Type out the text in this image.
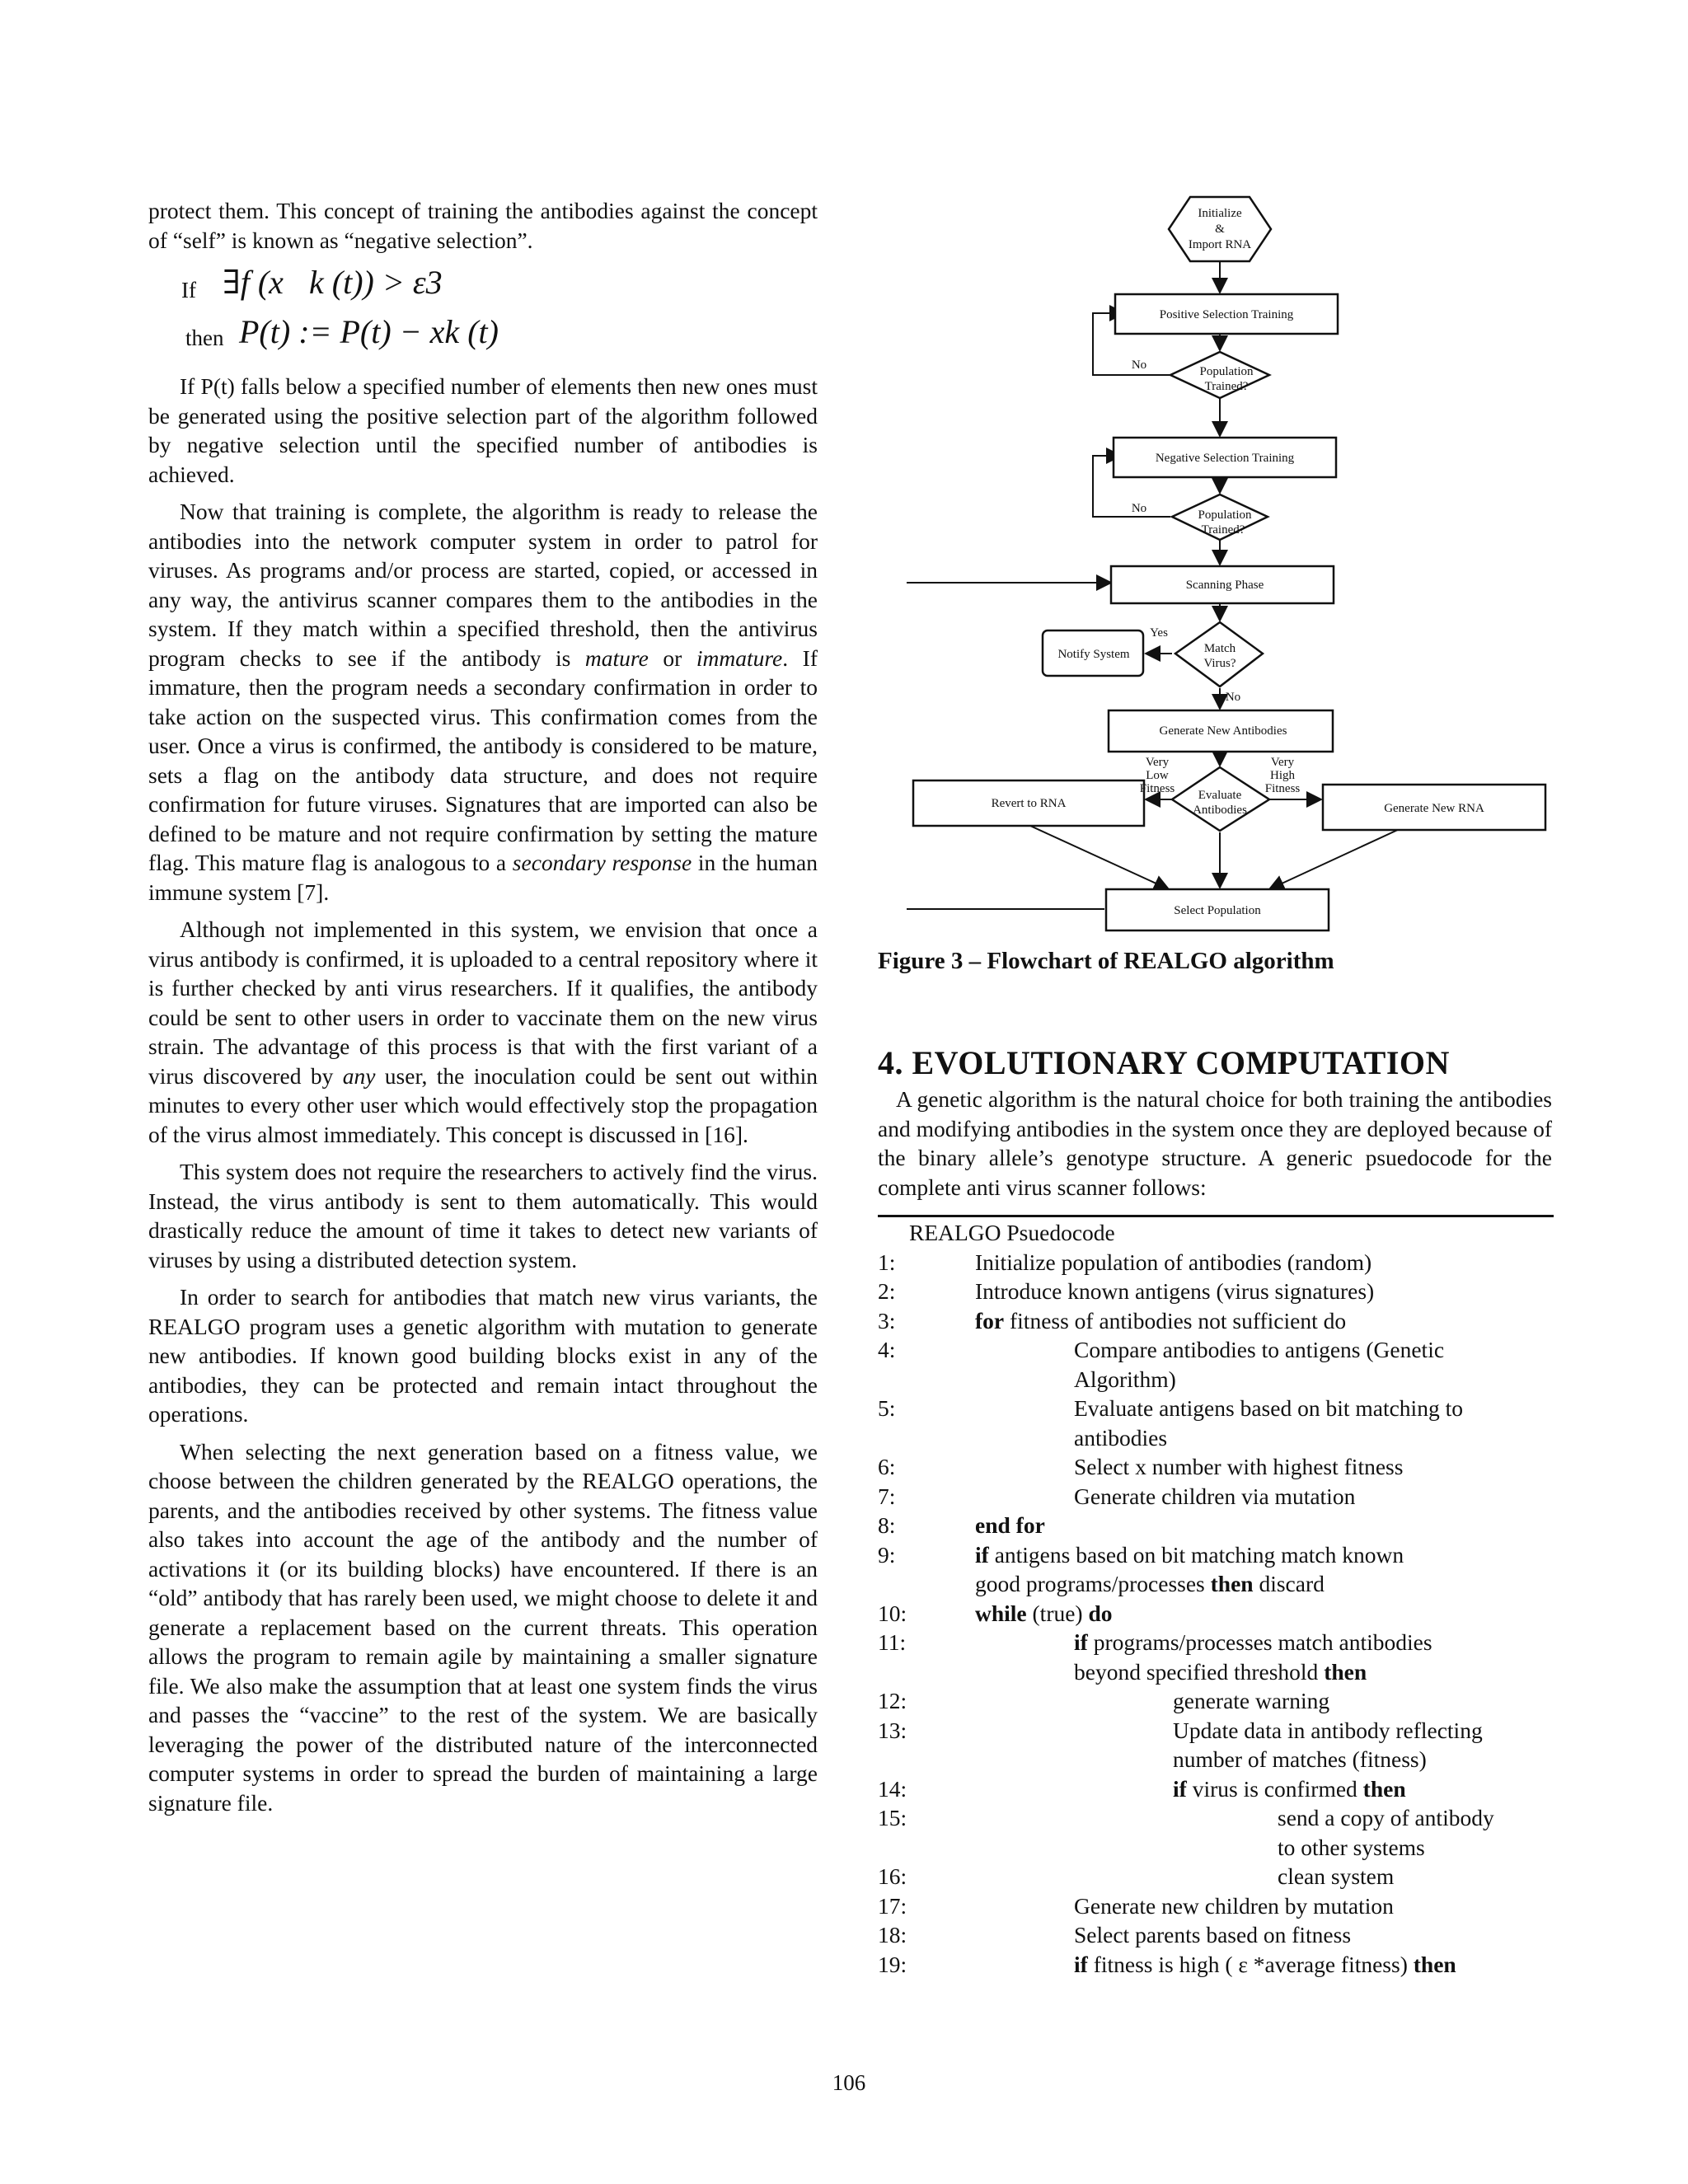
protect them. This concept of training the antibodies against the concept of “self” is known as “negative selection”.

If ∃f (x⃗k (t)) > ε3
then P(t) := P(t) − xk (t)

If P(t) falls below a specified number of elements then new ones must be generated using the positive selection part of the algorithm followed by negative selection until the specified number of antibodies is achieved.

Now that training is complete, the algorithm is ready to release the antibodies into the network computer system in order to patrol for viruses. As programs and/or process are started, copied, or accessed in any way, the antivirus scanner compares them to the antibodies in the system. If they match within a specified threshold, then the antivirus program checks to see if the antibody is mature or immature. If immature, then the program needs a secondary confirmation in order to take action on the suspected virus. This confirmation comes from the user. Once a virus is confirmed, the antibody is considered to be mature, sets a flag on the antibody data structure, and does not require confirmation for future viruses. Signatures that are imported can also be defined to be mature and not require confirmation by setting the mature flag. This mature flag is analogous to a secondary response in the human immune system [7].

Although not implemented in this system, we envision that once a virus antibody is confirmed, it is uploaded to a central repository where it is further checked by anti virus researchers. If it qualifies, the antibody could be sent to other users in order to vaccinate them on the new virus strain. The advantage of this process is that with the first variant of a virus discovered by any user, the inoculation could be sent out within minutes to every other user which would effectively stop the propagation of the virus almost immediately. This concept is discussed in [16].

This system does not require the researchers to actively find the virus. Instead, the virus antibody is sent to them automatically. This would drastically reduce the amount of time it takes to detect new variants of viruses by using a distributed detection system.

In order to search for antibodies that match new virus variants, the REALGO program uses a genetic algorithm with mutation to generate new antibodies. If known good building blocks exist in any of the antibodies, they can be protected and remain intact throughout the operations.

When selecting the next generation based on a fitness value, we choose between the children generated by the REALGO operations, the parents, and the antibodies received by other systems. The fitness value also takes into account the age of the antibody and the number of activations it (or its building blocks) have encountered. If there is an “old” antibody that has rarely been used, we might choose to delete it and generate a replacement based on the current threats. This operation allows the program to remain agile by maintaining a smaller signature file. We also make the assumption that at least one system finds the virus and passes the “vaccine” to the rest of the system. We are basically leveraging the power of the distributed nature of the interconnected computer systems in order to spread the burden of maintaining a large signature file.

Initialize
&
Import RNA
Positive Selection Training
No	Population
Trained?
Negative Selection Training
No	Population
Trained?
Scanning Phase
Notify System
Yes
Match
Virus?
No
Generate New Antibodies
Very
Low
Fitness
Very
High
Fitness
Evaluate
Antibodies
Revert to RNA	Generate New RNA
Select Population
Figure 3 – Flowchart of REALGO algorithm
4. EVOLUTIONARY COMPUTATION

A genetic algorithm is the natural choice for both training the antibodies and modifying antibodies in the system once they are deployed because of the binary allele’s genotype structure. A generic psuedocode for the complete anti virus scanner follows:

REALGO Psuedocode
1:	Initialize population of antibodies (random)
2:	Introduce known antigens (virus signatures)
3:	for fitness of antibodies not sufficient do
4:	Compare antibodies to antigens (Genetic
Algorithm)
5:	Evaluate antigens based on bit matching to
antibodies
6:	Select x number with highest fitness
7:	Generate children via mutation
8:	end for
9:	if antigens based on bit matching match known
good programs/processes then discard
10:	while (true) do
11:	if programs/processes match antibodies
beyond specified threshold then
12:	generate warning
13:	Update data in antibody reflecting
number of matches (fitness)
14:	if virus is confirmed then
15:	send a copy of antibody
to other systems
16:	clean system
17:	Generate new children by mutation
18:	Select parents based on fitness
19:	if fitness is high ( ε *average fitness) then
106
